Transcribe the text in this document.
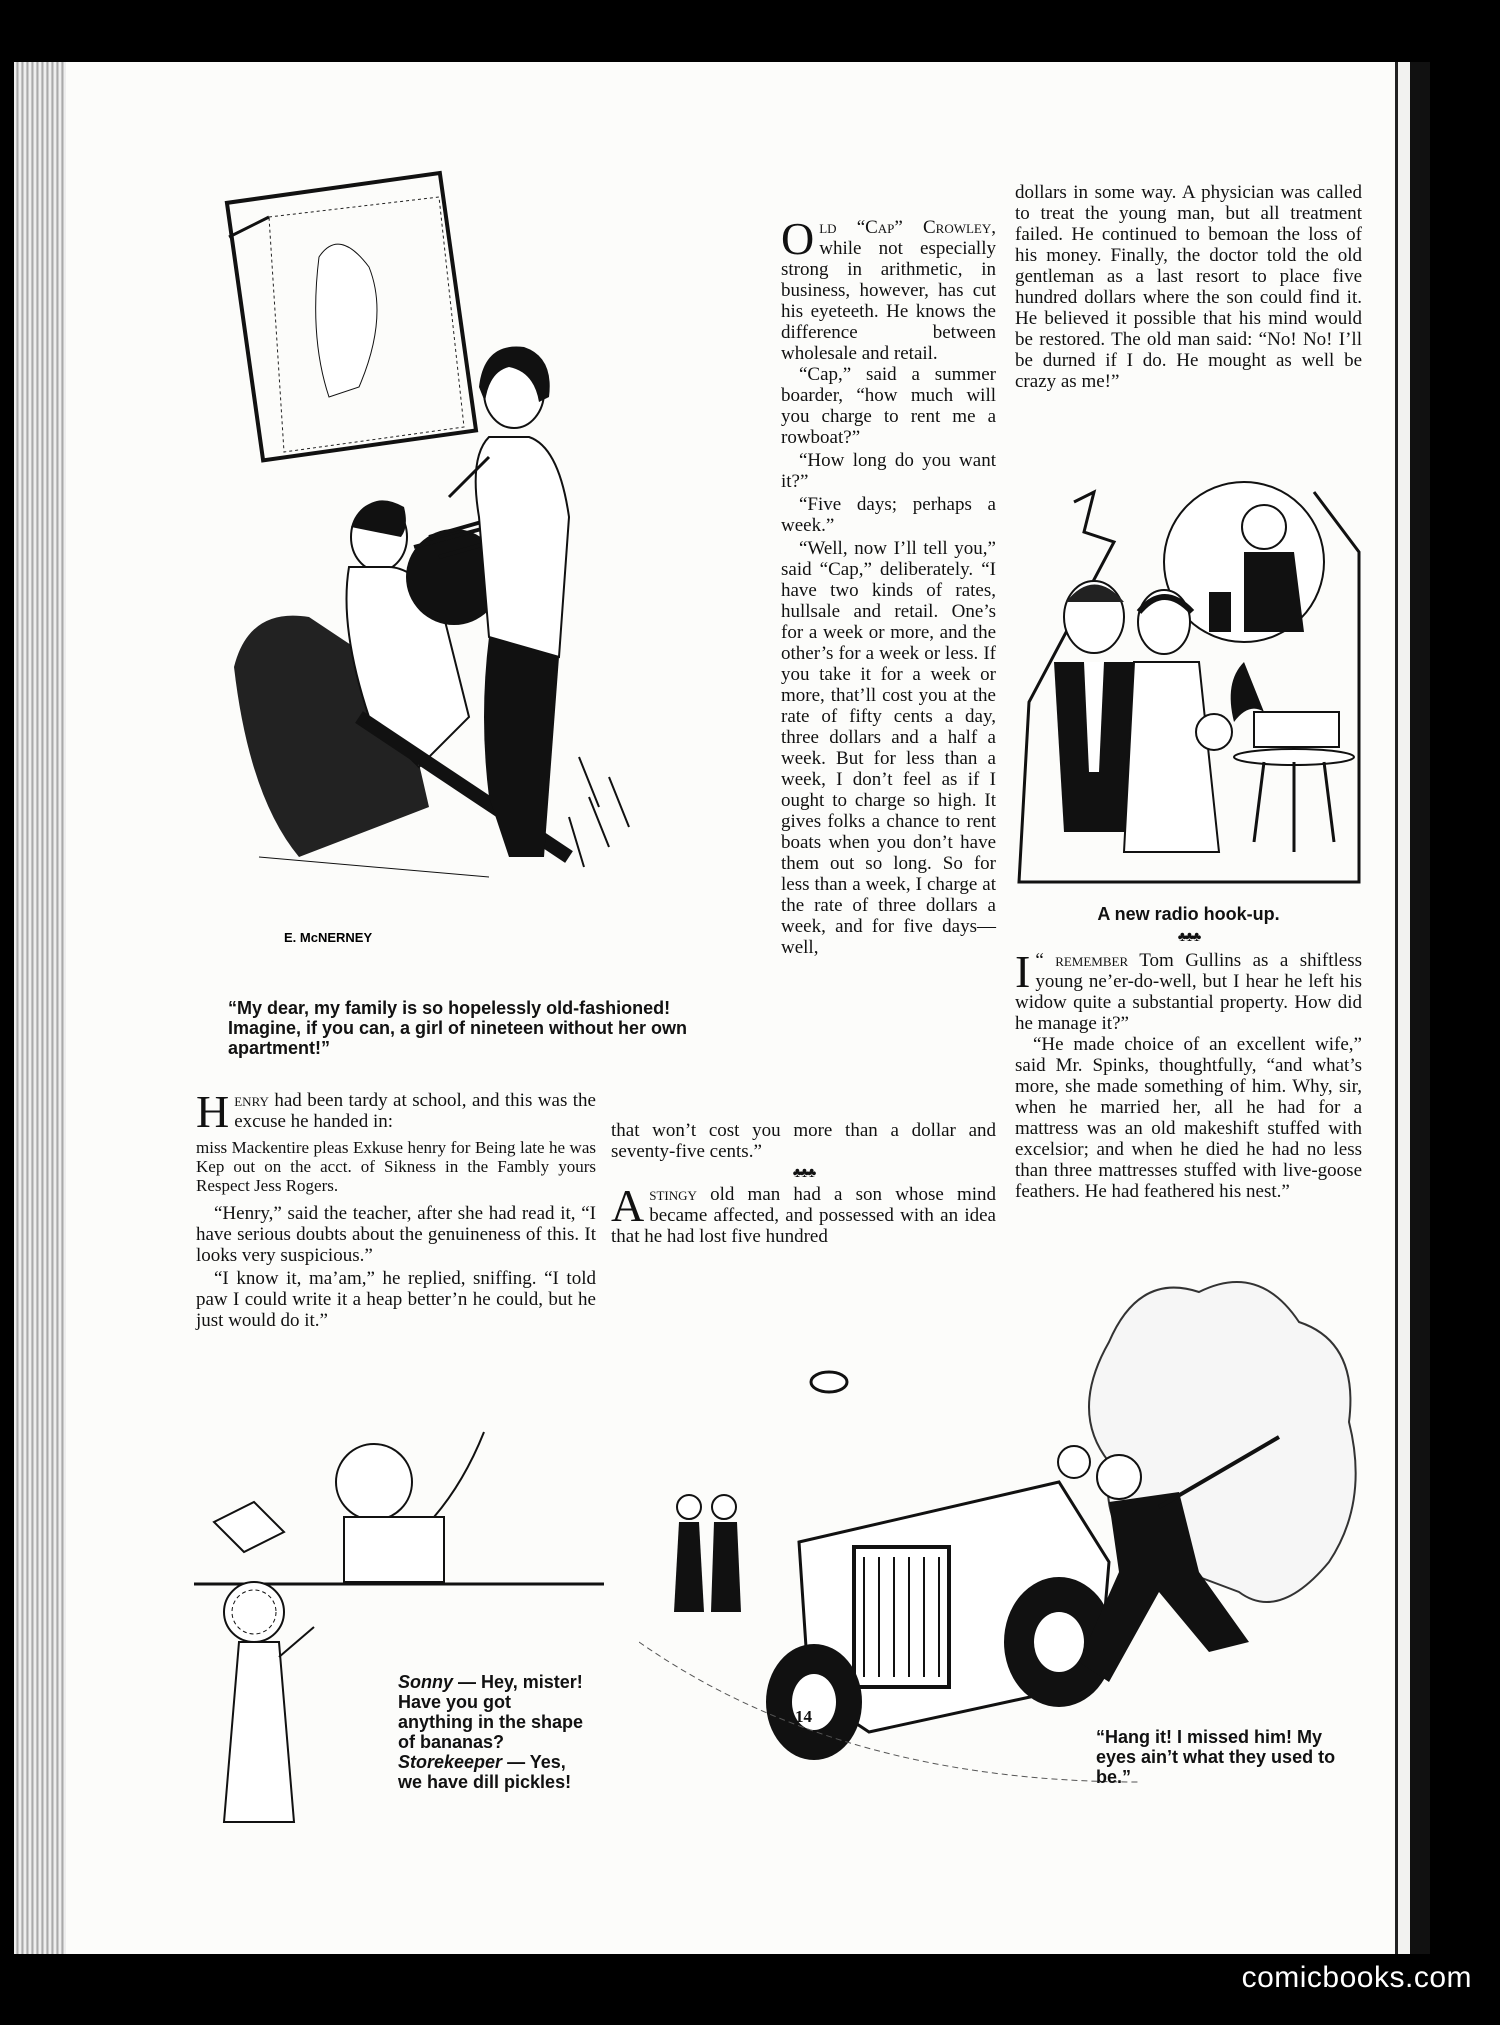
E. McNERNEY
“My dear, my family is so hopelessly old-fashioned! Imagine, if you can, a girl of nineteen without her own apartment!”
O ld “Cap” Crowley, while not especially strong in arithmetic, in business, however, has cut his eyeteeth. He knows the difference between wholesale and retail.

“Cap,” said a summer boarder, “how much will you charge to rent me a rowboat?”

“How long do you want it?”

“Five days; perhaps a week.”

“Well, now I’ll tell you,” said “Cap,” deliberately. “I have two kinds of rates, hullsale and retail. One’s for a week or more, and the other’s for a week or less. If you take it for a week or more, that’ll cost you at the rate of fifty cents a day, three dollars and a half a week. But for less than a week, I don’t feel as if I ought to charge so high. It gives folks a chance to rent boats when you don’t have them out so long. So for less than a week, I charge at the rate of three dollars a week, and for five days—well,

that won’t cost you more than a dollar and seventy-five cents.”
♣♣♣
A stingy old man had a son whose mind became affected, and possessed with an idea that he had lost five hundred
dollars in some way. A physician was called to treat the young man, but all treatment failed. He continued to bemoan the loss of his money. Finally, the doctor told the old gentleman as a last resort to place five hundred dollars where the son could find it. He believed it possible that his mind would be restored. The old man said: “No! No! I’ll be durned if I do. He mought as well be crazy as me!”
A new radio hook-up.
♣♣♣
“
I remember Tom Gullins as a shiftless young ne’er-do-well, but I hear he left his widow quite a substantial property. How did he manage it?”

“He made choice of an excellent wife,” said Mr. Spinks, thoughtfully, “and what’s more, she made something of him. Why, sir, when he married her, all he had for a mattress was an old makeshift stuffed with excelsior; and when he died he had no less than three mattresses stuffed with live-goose feathers. He had feathered his nest.”

H enry had been tardy at school, and this was the excuse he handed in:
miss Mackentire pleas Exkuse henry for Being late he was Kep out on the acct. of Sikness in the Fambly yours Respect Jess Rogers.

“Henry,” said the teacher, after she had read it, “I have serious doubts about the genuineness of this. It looks very suspicious.”

“I know it, ma’am,” he replied, sniffing. “I told paw I could write it a heap better’n he could, but he just would do it.”

Sonny — Hey, mister! Have you got anything in the shape of bananas?
Storekeeper — Yes, we have dill pickles!
“Hang it! I missed him! My eyes ain’t what they used to be.”
14
comicbooks.com
